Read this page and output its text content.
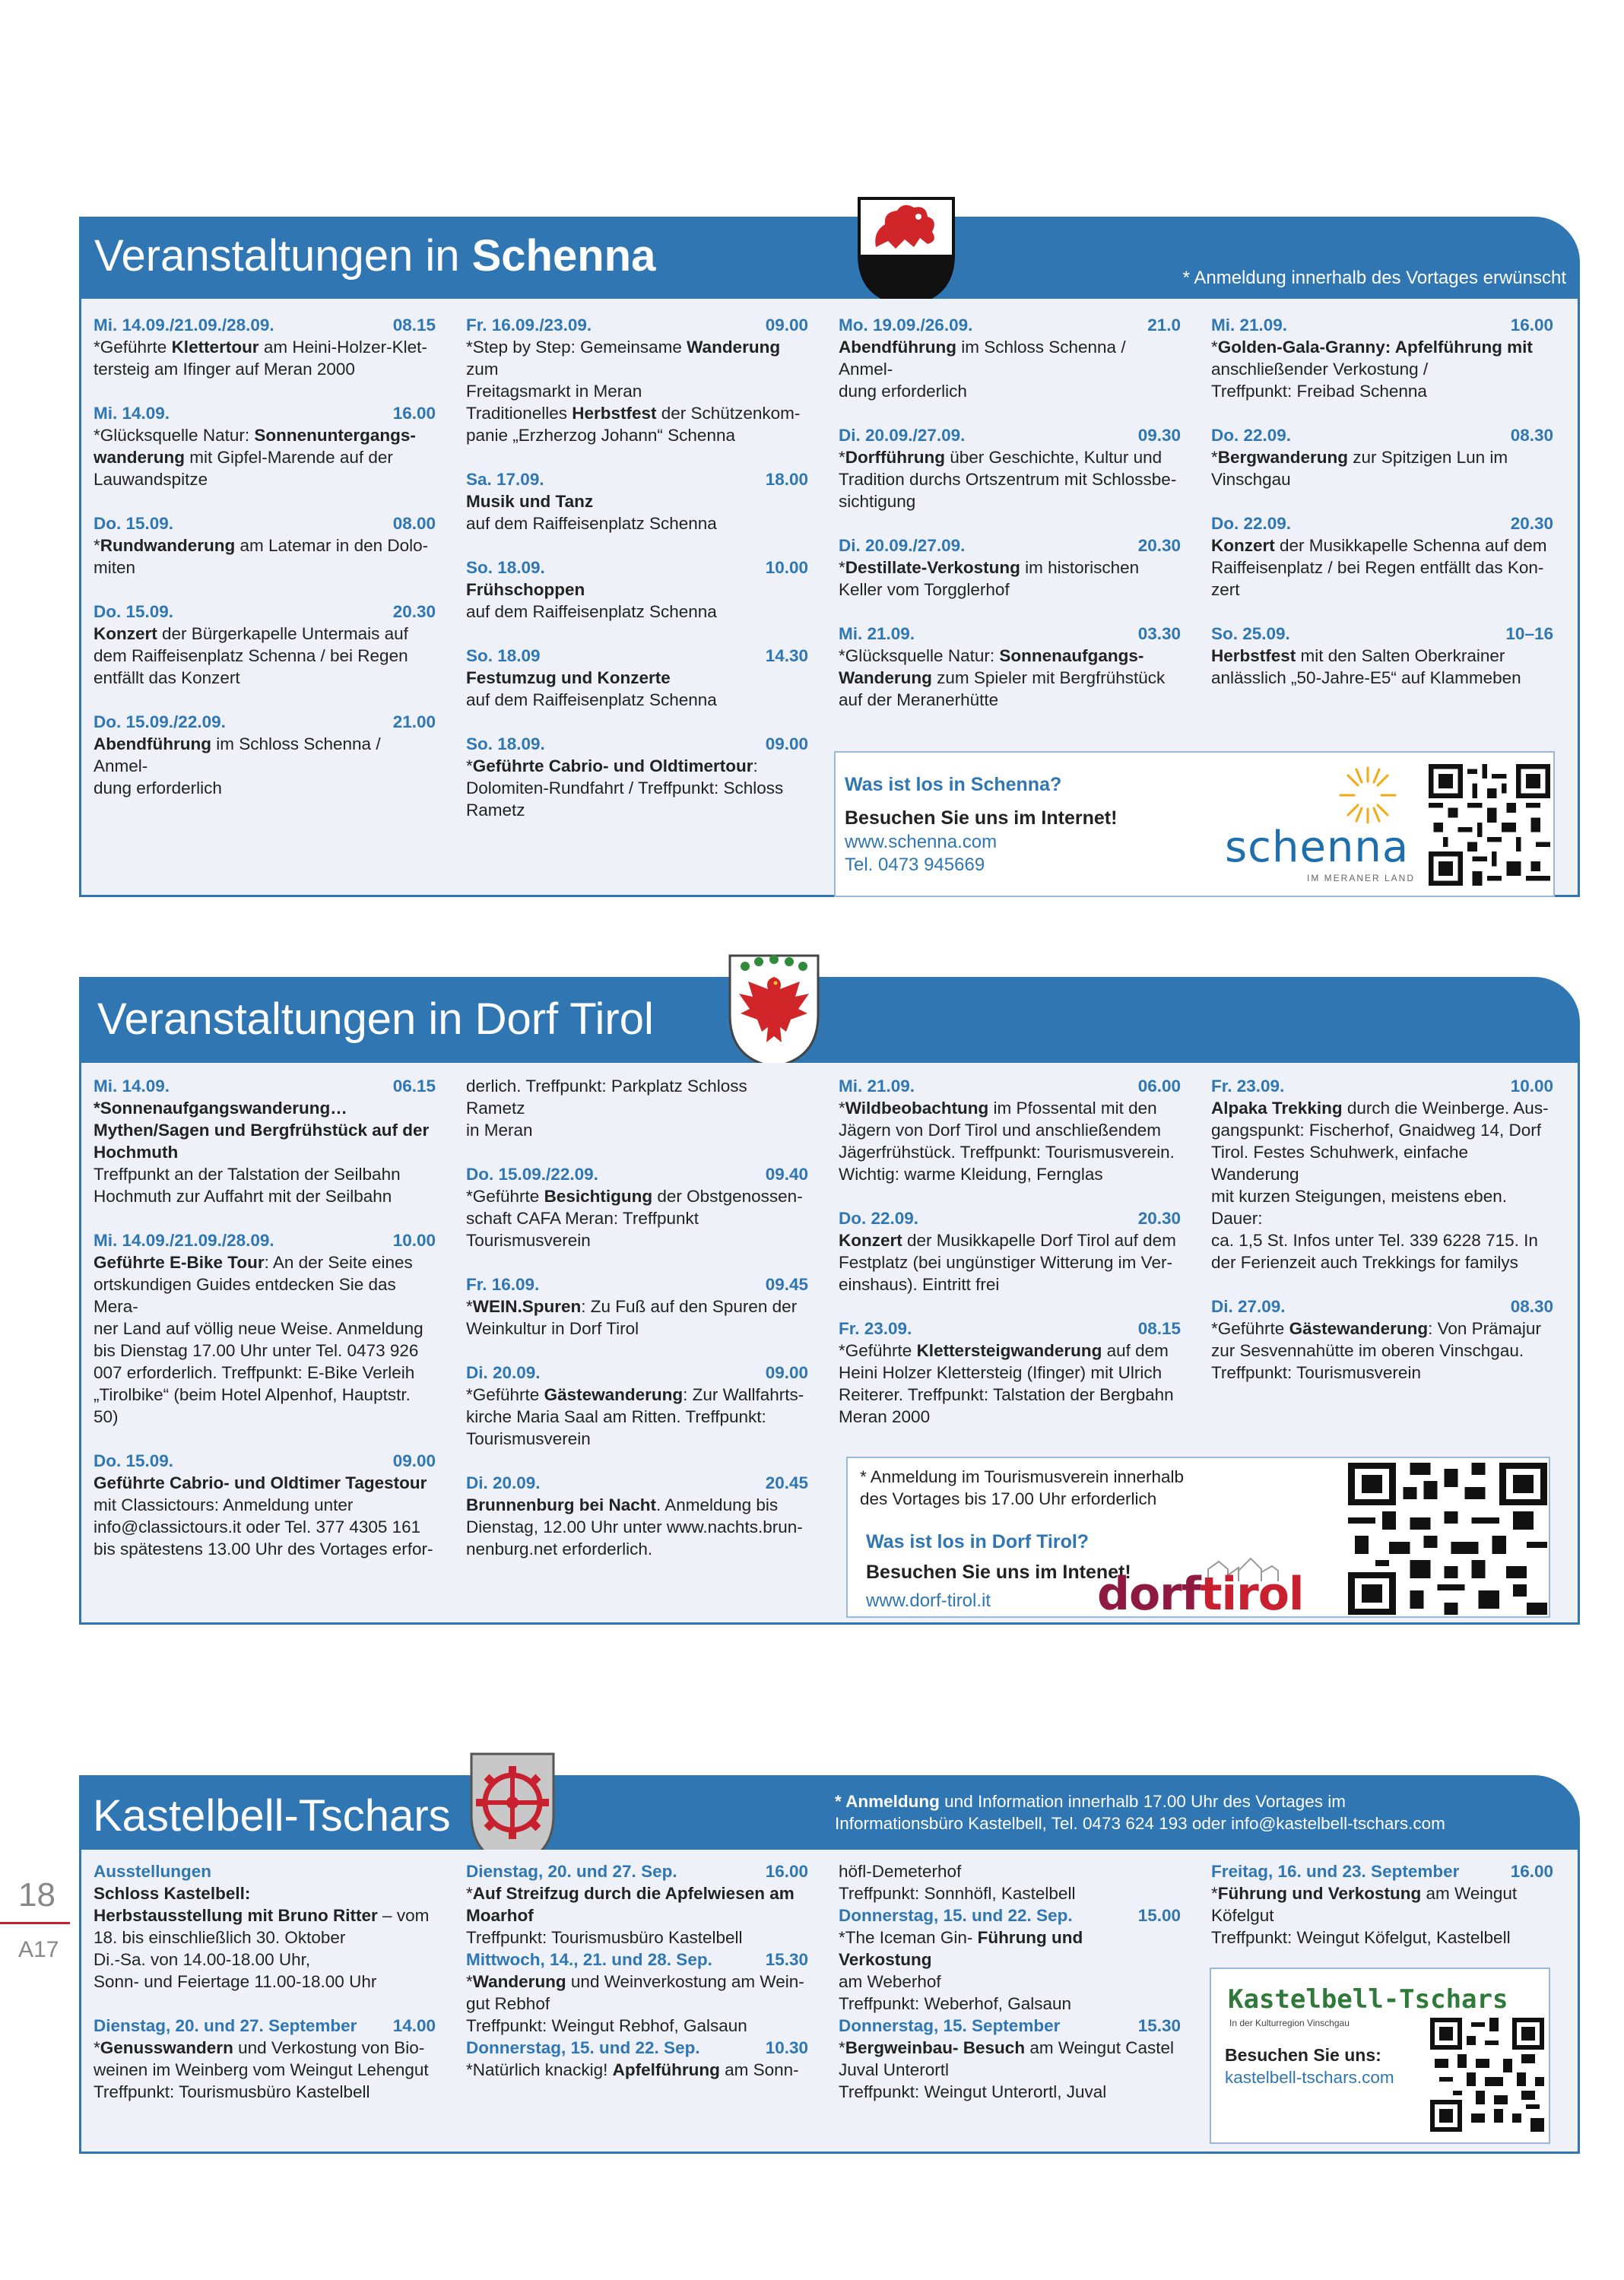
Veranstaltungen in Schenna	* Anmeldung innerhalb des Vortages erwünscht
Mi. 14.09./21.09./28.09.	08.15
*Geführte Klettertour am Heini-Holzer-Klet-
tersteig am Ifinger auf Meran 2000
Mi. 14.09.	16.00
*Glücksquelle Natur: Sonnenuntergangs-
wanderung mit Gipfel-Marende auf der
Lauwandspitze
Do. 15.09.	08.00
*Rundwanderung am Latemar in den Dolo-
miten
Do. 15.09.	20.30
Konzert der Bürgerkapelle Untermais auf
dem Raiffeisenplatz Schenna / bei Regen
entfällt das Konzert
Do. 15.09./22.09.	21.00
Abendführung im Schloss Schenna / Anmel-
dung erforderlich
Fr. 16.09./23.09.	09.00
*Step by Step: Gemeinsame Wanderung zum
Freitagsmarkt in Meran
Traditionelles Herbstfest der Schützenkom-
panie „Erzherzog Johann“ Schenna
Sa. 17.09.	18.00
Musik und Tanz
auf dem Raiffeisenplatz Schenna
So. 18.09.	10.00
Frühschoppen
auf dem Raiffeisenplatz Schenna
So. 18.09	14.30
Festumzug und Konzerte
auf dem Raiffeisenplatz Schenna
So. 18.09.	09.00
*Geführte Cabrio- und Oldtimertour:
Dolomiten-Rundfahrt / Treffpunkt: Schloss
Rametz
Mo. 19.09./26.09.	21.0
Abendführung im Schloss Schenna / Anmel-
dung erforderlich
Di. 20.09./27.09.	09.30
*Dorfführung über Geschichte, Kultur und
Tradition durchs Ortszentrum mit Schlossbe-
sichtigung
Di. 20.09./27.09.	20.30
*Destillate-Verkostung im historischen
Keller vom Torgglerhof
Mi. 21.09.	03.30
*Glücksquelle Natur: Sonnenaufgangs-
Wanderung zum Spieler mit Bergfrühstück
auf der Meranerhütte
Mi. 21.09.	16.00
*Golden-Gala-Granny: Apfelführung mit
anschließender Verkostung /
Treffpunkt: Freibad Schenna
Do. 22.09.	08.30
*Bergwanderung zur Spitzigen Lun im
Vinschgau
Do. 22.09.	20.30
Konzert der Musikkapelle Schenna auf dem
Raiffeisenplatz / bei Regen entfällt das Kon-
zert
So. 25.09.	10–16
Herbstfest mit den Salten Oberkrainer
anlässlich „50-Jahre-E5“ auf Klammeben
Was ist los in Schenna?
Besuchen Sie uns im Internet!
www.schenna.com
Tel. 0473 945669	schenna
IM MERANER LAND
Veranstaltungen in Dorf Tirol
Mi. 14.09.	06.15
*Sonnenaufgangswanderung…
Mythen/Sagen und Bergfrühstück auf der
Hochmuth
Treffpunkt an der Talstation der Seilbahn
Hochmuth zur Auffahrt mit der Seilbahn
Mi. 14.09./21.09./28.09.	10.00
Geführte E-Bike Tour: An der Seite eines
ortskundigen Guides entdecken Sie das Mera-
ner Land auf völlig neue Weise. Anmeldung
bis Dienstag 17.00 Uhr unter Tel. 0473 926
007 erforderlich. Treffpunkt: E-Bike Verleih
„Tirolbike“ (beim Hotel Alpenhof, Hauptstr.
50)
Do. 15.09.	09.00
Geführte Cabrio- und Oldtimer Tagestour
mit Classictours: Anmeldung unter
info@classictours.it oder Tel. 377 4305 161
bis spätestens 13.00 Uhr des Vortages erfor-
derlich. Treffpunkt: Parkplatz Schloss Rametz
in Meran
Do. 15.09./22.09.	09.40
*Geführte Besichtigung der Obstgenossen-
schaft CAFA Meran: Treffpunkt
Tourismusverein
Fr. 16.09.	09.45
*WEIN.Spuren: Zu Fuß auf den Spuren der
Weinkultur in Dorf Tirol
Di. 20.09.	09.00
*Geführte Gästewanderung: Zur Wallfahrts-
kirche Maria Saal am Ritten. Treffpunkt:
Tourismusverein
Di. 20.09.	20.45
Brunnenburg bei Nacht. Anmeldung bis
Dienstag, 12.00 Uhr unter www.nachts.brun-
nenburg.net erforderlich.
Mi. 21.09.	06.00
*Wildbeobachtung im Pfossental mit den
Jägern von Dorf Tirol und anschließendem
Jägerfrühstück. Treffpunkt: Tourismusverein.
Wichtig: warme Kleidung, Fernglas
Do. 22.09.	20.30
Konzert der Musikkapelle Dorf Tirol auf dem
Festplatz (bei ungünstiger Witterung im Ver-
einshaus). Eintritt frei
Fr. 23.09.	08.15
*Geführte Klettersteigwanderung auf dem
Heini Holzer Klettersteig (Ifinger) mit Ulrich
Reiterer. Treffpunkt: Talstation der Bergbahn
Meran 2000
Fr. 23.09.	10.00
Alpaka Trekking durch die Weinberge. Aus-
gangspunkt: Fischerhof, Gnaidweg 14, Dorf
Tirol. Festes Schuhwerk, einfache Wanderung
mit kurzen Steigungen, meistens eben. Dauer:
ca. 1,5 St. Infos unter Tel. 339 6228 715. In
der Ferienzeit auch Trekkings for familys
Di. 27.09.	08.30
*Geführte Gästewanderung: Von Prämajur
zur Sesvennahütte im oberen Vinschgau.
Treffpunkt: Tourismusverein
* Anmeldung im Tourismusverein innerhalb
des Vortages bis 17.00 Uhr erforderlich
Was ist los in Dorf Tirol?
Besuchen Sie uns im Intenet!
www.dorf-tirol.it dorftirol
Kastelbell-Tschars	* Anmeldung und Information innerhalb 17.00 Uhr des Vortages im
Informationsbüro Kastelbell, Tel. 0473 624 193 oder info@kastelbell-tschars.com
Ausstellungen
Schloss Kastelbell:
Herbstausstellung mit Bruno Ritter – vom
18. bis einschließlich 30. Oktober
Di.-Sa. von 14.00-18.00 Uhr,
Sonn- und Feiertage 11.00-18.00 Uhr
Dienstag, 20. und 27. September 14.00
*Genusswandern und Verkostung von Bio-
weinen im Weinberg vom Weingut Lehengut
Treffpunkt: Tourismusbüro Kastelbell
Dienstag, 20. und 27. Sep.	16.00
*Auf Streifzug durch die Apfelwiesen am
Moarhof
Treffpunkt: Tourismusbüro Kastelbell
Mittwoch, 14., 21. und 28. Sep.	15.30
*Wanderung und Weinverkostung am Wein-
gut Rebhof
Treffpunkt: Weingut Rebhof, Galsaun
Donnerstag, 15. und 22. Sep.	10.30
*Natürlich knackig! Apfelführung am Sonn-
höfl-Demeterhof
Treffpunkt: Sonnhöfl, Kastelbell
Donnerstag, 15. und 22. Sep.	15.00
*The Iceman Gin- Führung und Verkostung
am Weberhof
Treffpunkt: Weberhof, Galsaun
Donnerstag, 15. September	15.30
*Bergweinbau- Besuch am Weingut Castel
Juval Unterortl
Treffpunkt: Weingut Unterortl, Juval
Freitag, 16. und 23. September	16.00
*Führung und Verkostung am Weingut
Köfelgut
Treffpunkt: Weingut Köfelgut, Kastelbell
Kastelbell-Tschars
In der Kulturregion Vinschgau
Besuchen Sie uns:
kastelbell-tschars.com
18
A17
